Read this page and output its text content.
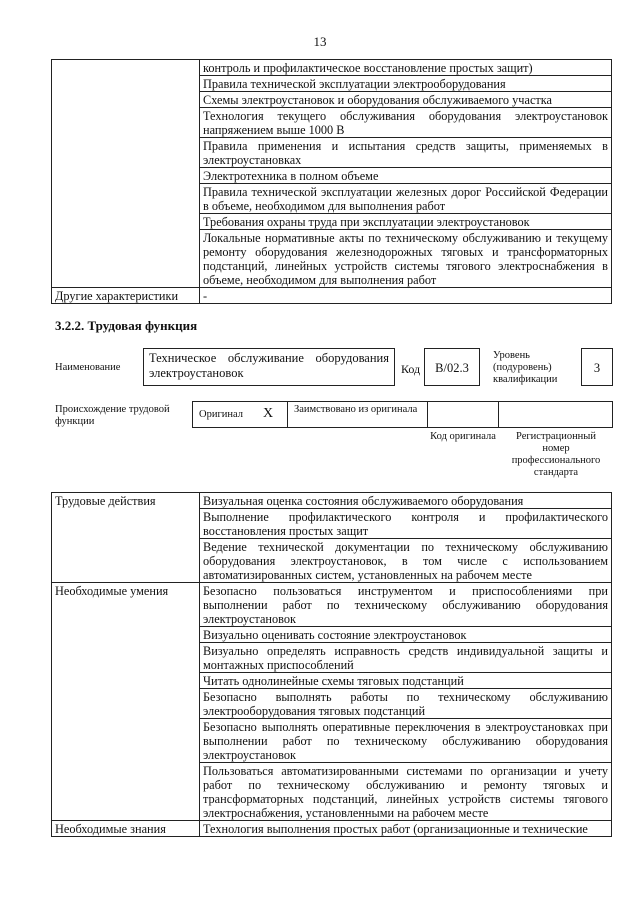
13
	контроль и профилактическое восстановление простых защит)
	Правила технической эксплуатации электрооборудования
	Схемы электроустановок и оборудования обслуживаемого участка
	Технология текущего обслуживания оборудования электроустановок напряжением выше 1000 В
	Правила применения и испытания средств защиты, применяемых в электроустановках
	Электротехника в полном объеме
	Правила технической эксплуатации железных дорог Российской Федерации в объеме, необходимом для выполнения работ
	Требования охраны труда при эксплуатации электроустановок
	Локальные нормативные акты по техническому обслуживанию и текущему ремонту оборудования железнодорожных тяговых и трансформаторных подстанций, линейных устройств системы тягового электроснабжения в объеме, необходимом для выполнения работ
Другие характеристики	-
3.2.2. Трудовая функция
Наименование
Техническое обслуживание оборудования электроустановок	Код	В/02.3
Уровень (подуровень) квалификации
3
Происхождение трудовой функции
Оригинал X Заимствовано из оригинала
Код оригинала	Регистрационный номер профессионального стандарта
Трудовые действия	Визуальная оценка состояния обслуживаемого оборудования
	Выполнение профилактического контроля и профилактического восстановления простых защит
	Ведение технической документации по техническому обслуживанию оборудования электроустановок, в том числе с использованием автоматизированных систем, установленных на рабочем месте
Необходимые умения	Безопасно пользоваться инструментом и приспособлениями при выполнении работ по техническому обслуживанию оборудования электроустановок
	Визуально оценивать состояние электроустановок
	Визуально определять исправность средств индивидуальной защиты и монтажных приспособлений
	Читать однолинейные схемы тяговых подстанций
	Безопасно выполнять работы по техническому обслуживанию электрооборудования тяговых подстанций
	Безопасно выполнять оперативные переключения в электроустановках при выполнении работ по техническому обслуживанию оборудования электроустановок
	Пользоваться автоматизированными системами по организации и учету работ по техническому обслуживанию и ремонту тяговых и трансформаторных подстанций, линейных устройств системы тягового электроснабжения, установленными на рабочем месте
Необходимые знания	Технология выполнения простых работ (организационные и технические
